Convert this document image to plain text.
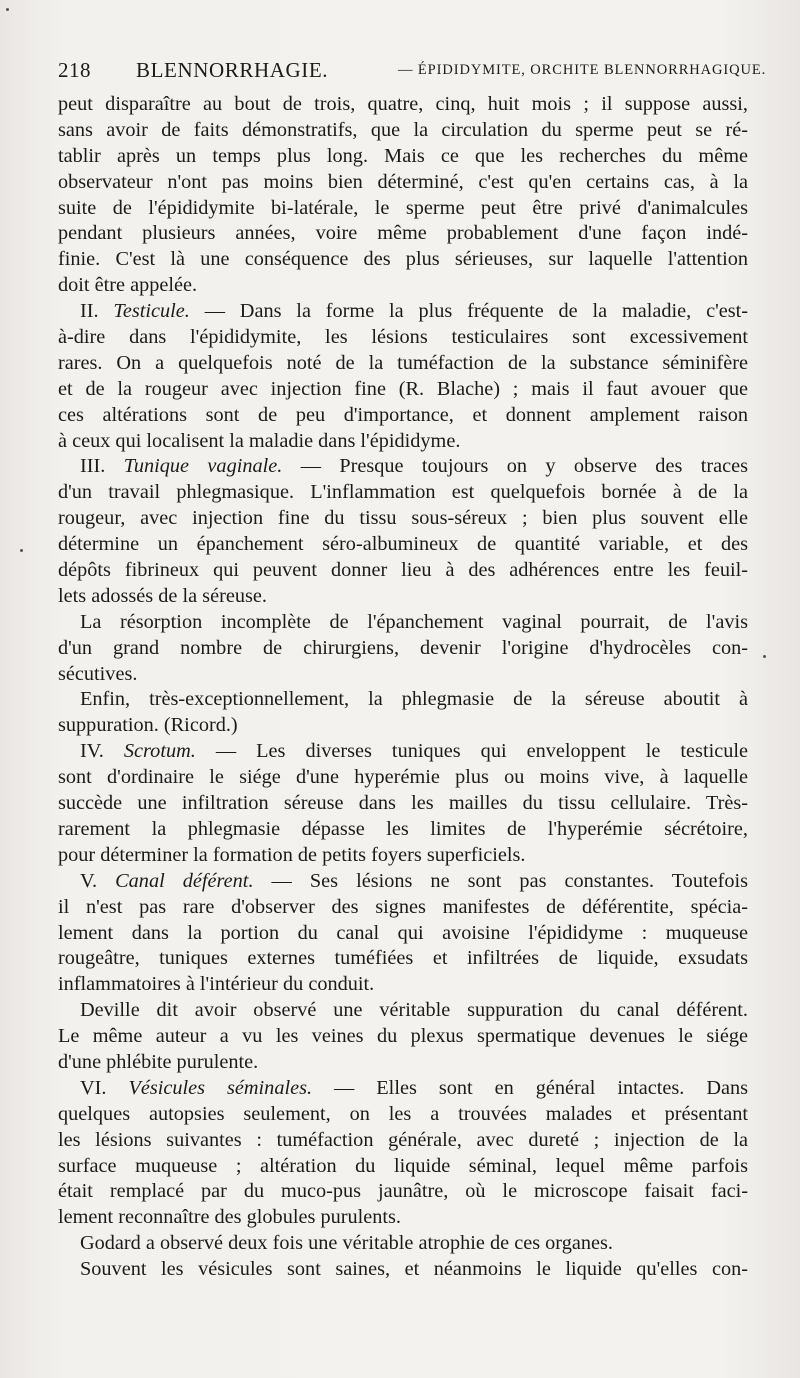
218 BLENNORRHAGIE.	— ÉPIDIDYMITE, ORCHITE BLENNORRHAGIQUE.
peut disparaître au bout de trois, quatre, cinq, huit mois ; il suppose aussi,
sans avoir de faits démonstratifs, que la circulation du sperme peut se ré-
tablir après un temps plus long. Mais ce que les recherches du même
observateur n'ont pas moins bien déterminé, c'est qu'en certains cas, à la
suite de l'épididymite bi-latérale, le sperme peut être privé d'animalcules
pendant plusieurs années, voire même probablement d'une façon indé-
finie. C'est là une conséquence des plus sérieuses, sur laquelle l'attention
doit être appelée.
II. Testicule. — Dans la forme la plus fréquente de la maladie, c'est-
à-dire dans l'épididymite, les lésions testiculaires sont excessivement
rares. On a quelquefois noté de la tuméfaction de la substance séminifère
et de la rougeur avec injection fine (R. Blache) ; mais il faut avouer que
ces altérations sont de peu d'importance, et donnent amplement raison
à ceux qui localisent la maladie dans l'épididyme.
III. Tunique vaginale. — Presque toujours on y observe des traces
d'un travail phlegmasique. L'inflammation est quelquefois bornée à de la
rougeur, avec injection fine du tissu sous-séreux ; bien plus souvent elle
détermine un épanchement séro-albumineux de quantité variable, et des
dépôts fibrineux qui peuvent donner lieu à des adhérences entre les feuil-
lets adossés de la séreuse.
La résorption incomplète de l'épanchement vaginal pourrait, de l'avis
d'un grand nombre de chirurgiens, devenir l'origine d'hydrocèles con-
sécutives.
Enfin, très-exceptionnellement, la phlegmasie de la séreuse aboutit à
suppuration. (Ricord.)
IV. Scrotum. — Les diverses tuniques qui enveloppent le testicule
sont d'ordinaire le siége d'une hyperémie plus ou moins vive, à laquelle
succède une infiltration séreuse dans les mailles du tissu cellulaire. Très-
rarement la phlegmasie dépasse les limites de l'hyperémie sécrétoire,
pour déterminer la formation de petits foyers superficiels.
V. Canal déférent. — Ses lésions ne sont pas constantes. Toutefois
il n'est pas rare d'observer des signes manifestes de déférentite, spécia-
lement dans la portion du canal qui avoisine l'épididyme : muqueuse
rougeâtre, tuniques externes tuméfiées et infiltrées de liquide, exsudats
inflammatoires à l'intérieur du conduit.
Deville dit avoir observé une véritable suppuration du canal déférent.
Le même auteur a vu les veines du plexus spermatique devenues le siége
d'une phlébite purulente.
VI. Vésicules séminales. — Elles sont en général intactes. Dans
quelques autopsies seulement, on les a trouvées malades et présentant
les lésions suivantes : tuméfaction générale, avec dureté ; injection de la
surface muqueuse ; altération du liquide séminal, lequel même parfois
était remplacé par du muco-pus jaunâtre, où le microscope faisait faci-
lement reconnaître des globules purulents.
Godard a observé deux fois une véritable atrophie de ces organes.
Souvent les vésicules sont saines, et néanmoins le liquide qu'elles con-
